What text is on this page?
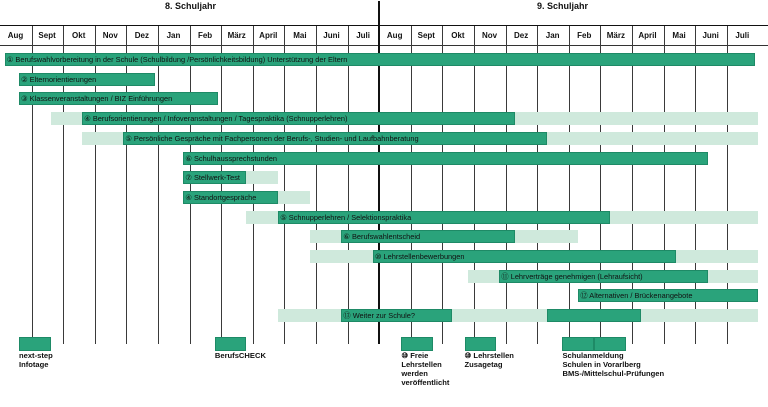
8. Schuljahr	9. Schuljahr
Aug	Sept	Okt	Nov	Dez	Jan	Feb	März	April	Mai	Juni	Juli	Aug	Sept	Okt	Nov	Dez	Jan	Feb	März	April	Mai	Juni	Juli
① Berufswahlvorbereitung in der Schule (Schulbildung /Persönlichkeitsbildung) Unterstützung der Eltern
② Elternorientierungen
③ Klassenveranstaltungen / BIZ Einführungen
④ Berufsorientierungen / Infoveranstaltungen / Tagespraktika (Schnupperlehren)
⑤ Persönliche Gespräche mit Fachpersonen der Berufs-, Studien- und Laufbahnberatung
⑥ Schulhaussprechstunden
⑦ Stellwerk-Test
④ Standortgespräche
⑤ Schnupperlehren / Selektionspraktika
⑥ Berufswahlentscheid
⑩ Lehrstellenbewerbungen
⑪ Lehrverträge genehmigen (Lehraufsicht)
⑫ Alternativen / Brückenangebote
⑬ Weiter zur Schule?
next-step
Infotage
BerufsCHECK	⑩ Freie
Lehrstellen
werden
veröffentlicht
⑩ Lehrstellen
Zusagetag
Schulanmeldung
Schulen in Vorarlberg
BMS-/Mittelschul-Prüfungen
